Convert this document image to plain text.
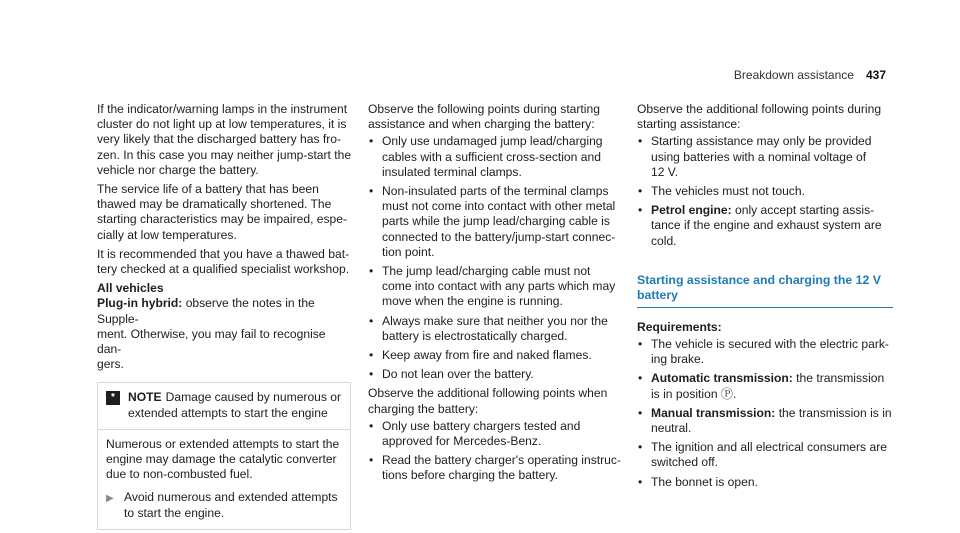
Breakdown assistance 437

If the indicator/warning lamps in the instrument
cluster do not light up at low temperatures, it is
very likely that the discharged battery has fro-
zen. In this case you may neither jump-start the
vehicle nor charge the battery.

The service life of a battery that has been
thawed may be dramatically shortened. The
starting characteristics may be impaired, espe-
cially at low temperatures.

It is recommended that you have a thawed bat-
tery checked at a qualified specialist workshop.

All vehicles

Plug-in hybrid: observe the notes in the Supple-
ment. Otherwise, you may fail to recognise dan-
gers.

*	NOTE Damage caused by numerous or
extended attempts to start the engine
Numerous or extended attempts to start the
engine may damage the catalytic converter
due to non-combusted fuel.
▶ Avoid numerous and extended attempts
to start the engine.

Observe the following points during starting
assistance and when charging the battery:

• Only use undamaged jump lead/charging
cables with a sufficient cross-section and
insulated terminal clamps.
• Non-insulated parts of the terminal clamps
must not come into contact with other metal
parts while the jump lead/charging cable is
connected to the battery/jump-start connec-
tion point.
• The jump lead/charging cable must not
come into contact with any parts which may
move when the engine is running.
• Always make sure that neither you nor the
battery is electrostatically charged.
• Keep away from fire and naked flames.
• Do not lean over the battery.

Observe the additional following points when
charging the battery:

• Only use battery chargers tested and
approved for Mercedes-Benz.
• Read the battery charger's operating instruc-
tions before charging the battery.

Observe the additional following points during
starting assistance:

• Starting assistance may only be provided
using batteries with a nominal voltage of
12 V.
• The vehicles must not touch.
• Petrol engine: only accept starting assis-
tance if the engine and exhaust system are
cold.
Starting assistance and charging the 12 V
battery

Requirements:

• The vehicle is secured with the electric park-
ing brake.
• Automatic transmission: the transmission
is in position Ⓟ.
• Manual transmission: the transmission is in
neutral.
• The ignition and all electrical consumers are
switched off.
• The bonnet is open.
